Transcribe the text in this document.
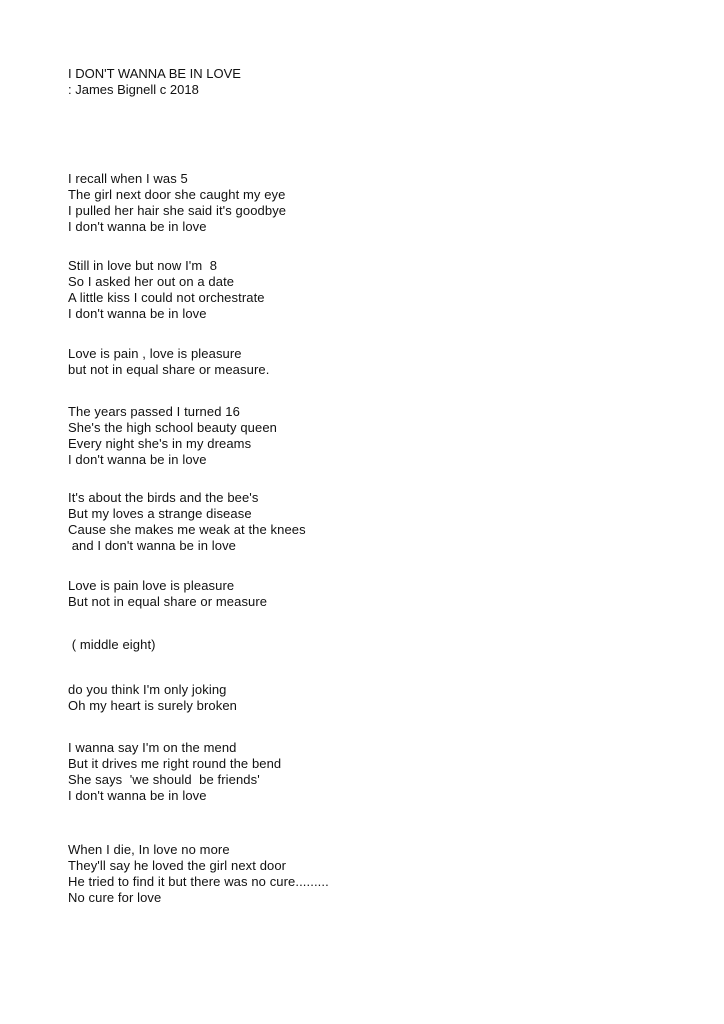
I DON'T WANNA BE IN LOVE
: James Bignell c 2018
I recall when I was 5
The girl next door she caught my eye
I pulled her hair she said it's goodbye
I don't wanna be in love
Still in love but now I'm  8
So I asked her out on a date
A little kiss I could not orchestrate
I don't wanna be in love
Love is pain , love is pleasure
but not in equal share or measure.
The years passed I turned 16
She's the high school beauty queen
Every night she's in my dreams
I don't wanna be in love
It's about the birds and the bee's
But my loves a strange disease
Cause she makes me weak at the knees
and I don't wanna be in love
Love is pain love is pleasure
But not in equal share or measure
( middle eight)
do you think I'm only joking
Oh my heart is surely broken
I wanna say I'm on the mend
But it drives me right round the bend
She says  'we should  be friends'
I don't wanna be in love
When I die, In love no more
They'll say he loved the girl next door
He tried to find it but there was no cure.........
No cure for love
